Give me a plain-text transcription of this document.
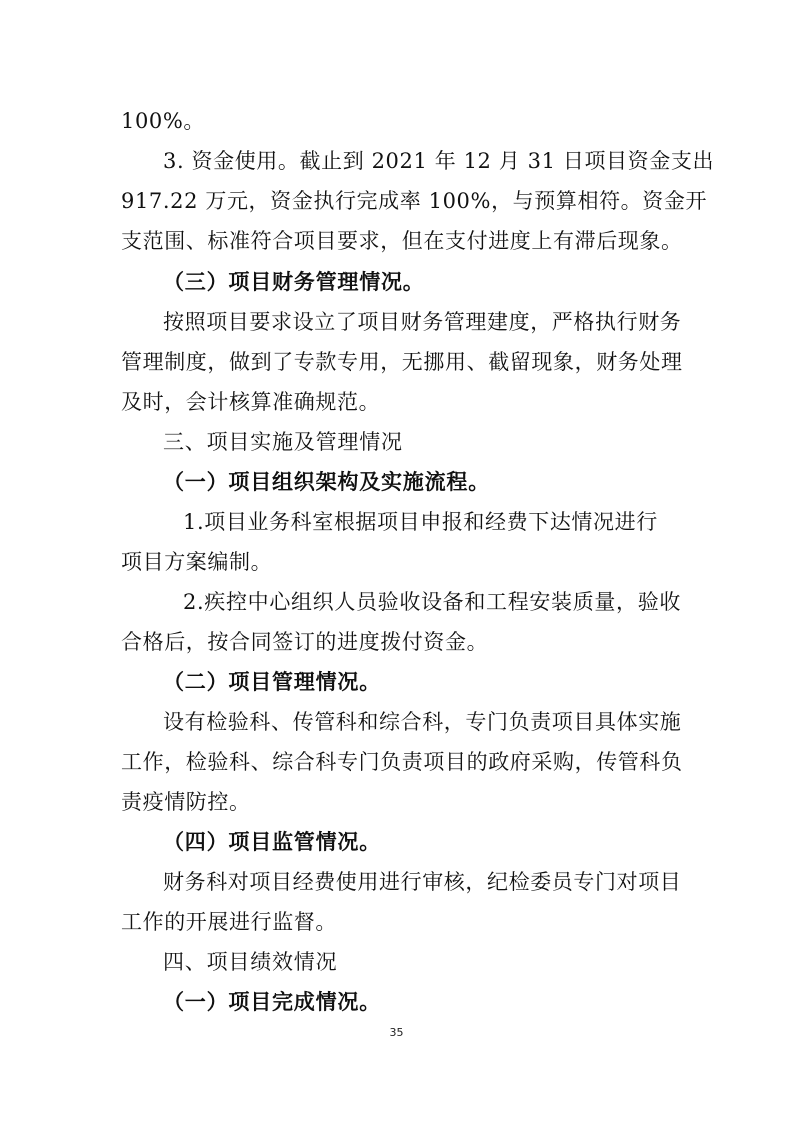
100%。
3. 资金使用。截止到 2021 年 12 月 31 日项目资金支出
917.22 万元，资金执行完成率 100%，与预算相符。资金开
支范围、标准符合项目要求，但在支付进度上有滞后现象。
（三）项目财务管理情况。
按照项目要求设立了项目财务管理建度，严格执行财务
管理制度，做到了专款专用，无挪用、截留现象，财务处理
及时，会计核算准确规范。
三、项目实施及管理情况
（一）项目组织架构及实施流程。
1.项目业务科室根据项目申报和经费下达情况进行
项目方案编制。
2.疾控中心组织人员验收设备和工程安装质量，验收
合格后，按合同签订的进度拨付资金。
（二）项目管理情况。
设有检验科、传管科和综合科，专门负责项目具体实施
工作，检验科、综合科专门负责项目的政府采购，传管科负
责疫情防控。
（四）项目监管情况。
财务科对项目经费使用进行审核，纪检委员专门对项目
工作的开展进行监督。
四、项目绩效情况
（一）项目完成情况。
35
